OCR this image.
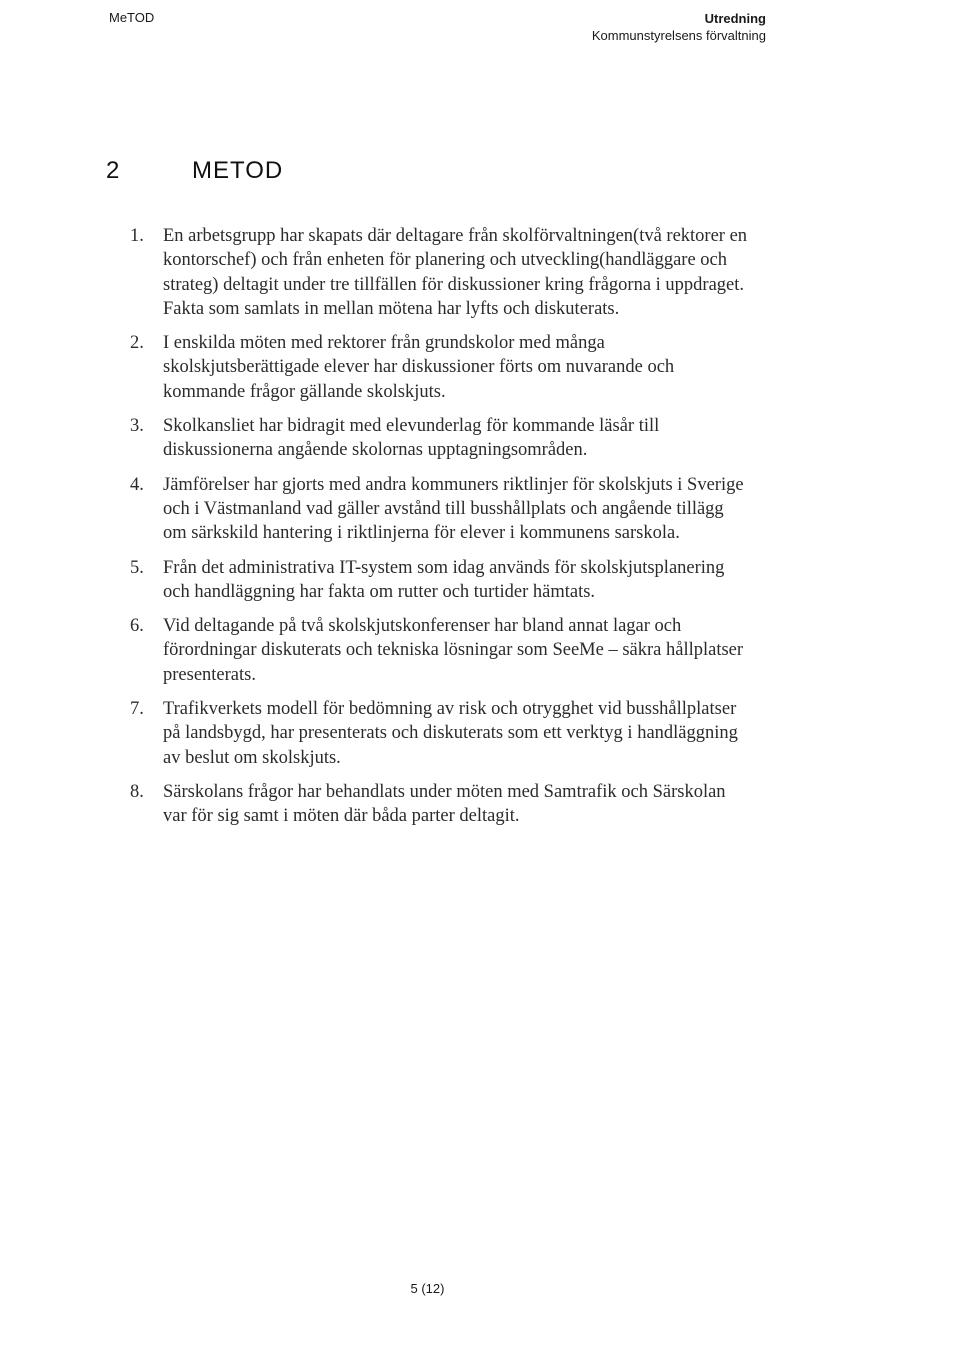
MeTOD	Utredning
Kommunstyrelsens förvaltning
2	METOD
1.	En arbetsgrupp har skapats där deltagare från skolförvaltningen(två rektorer en kontorschef) och från enheten för planering och utveckling(handläggare och strateg) deltagit under tre tillfällen för diskussioner kring frågorna i uppdraget. Fakta som samlats in mellan mötena har lyfts och diskuterats.
2.	I enskilda möten med rektorer från grundskolor med många skolskjutsberättigade elever har diskussioner förts om nuvarande och kommande frågor gällande skolskjuts.
3.	Skolkansliet har bidragit med elevunderlag för kommande läsår till diskussionerna angående skolornas upptagningsområden.
4.	Jämförelser har gjorts med andra kommuners riktlinjer för skolskjuts i Sverige och i Västmanland vad gäller avstånd till busshållplats och angående tillägg om särkskild hantering i riktlinjerna för elever i kommunens sarskola.
5.	Från det administrativa IT-system som idag används för skolskjutsplanering och handläggning har fakta om rutter och turtider hämtats.
6.	Vid deltagande på två skolskjutskonferenser har bland annat lagar och förordningar diskuterats och tekniska lösningar som SeeMe – säkra hållplatser presenterats.
7.	Trafikverkets modell för bedömning av risk och otrygghet vid busshållplatser på landsbygd, har presenterats och diskuterats som ett verktyg i handläggning av beslut om skolskjuts.
8.	Särskolans frågor har behandlats under möten med Samtrafik och Särskolan var för sig samt i möten där båda parter deltagit.
5 (12)
